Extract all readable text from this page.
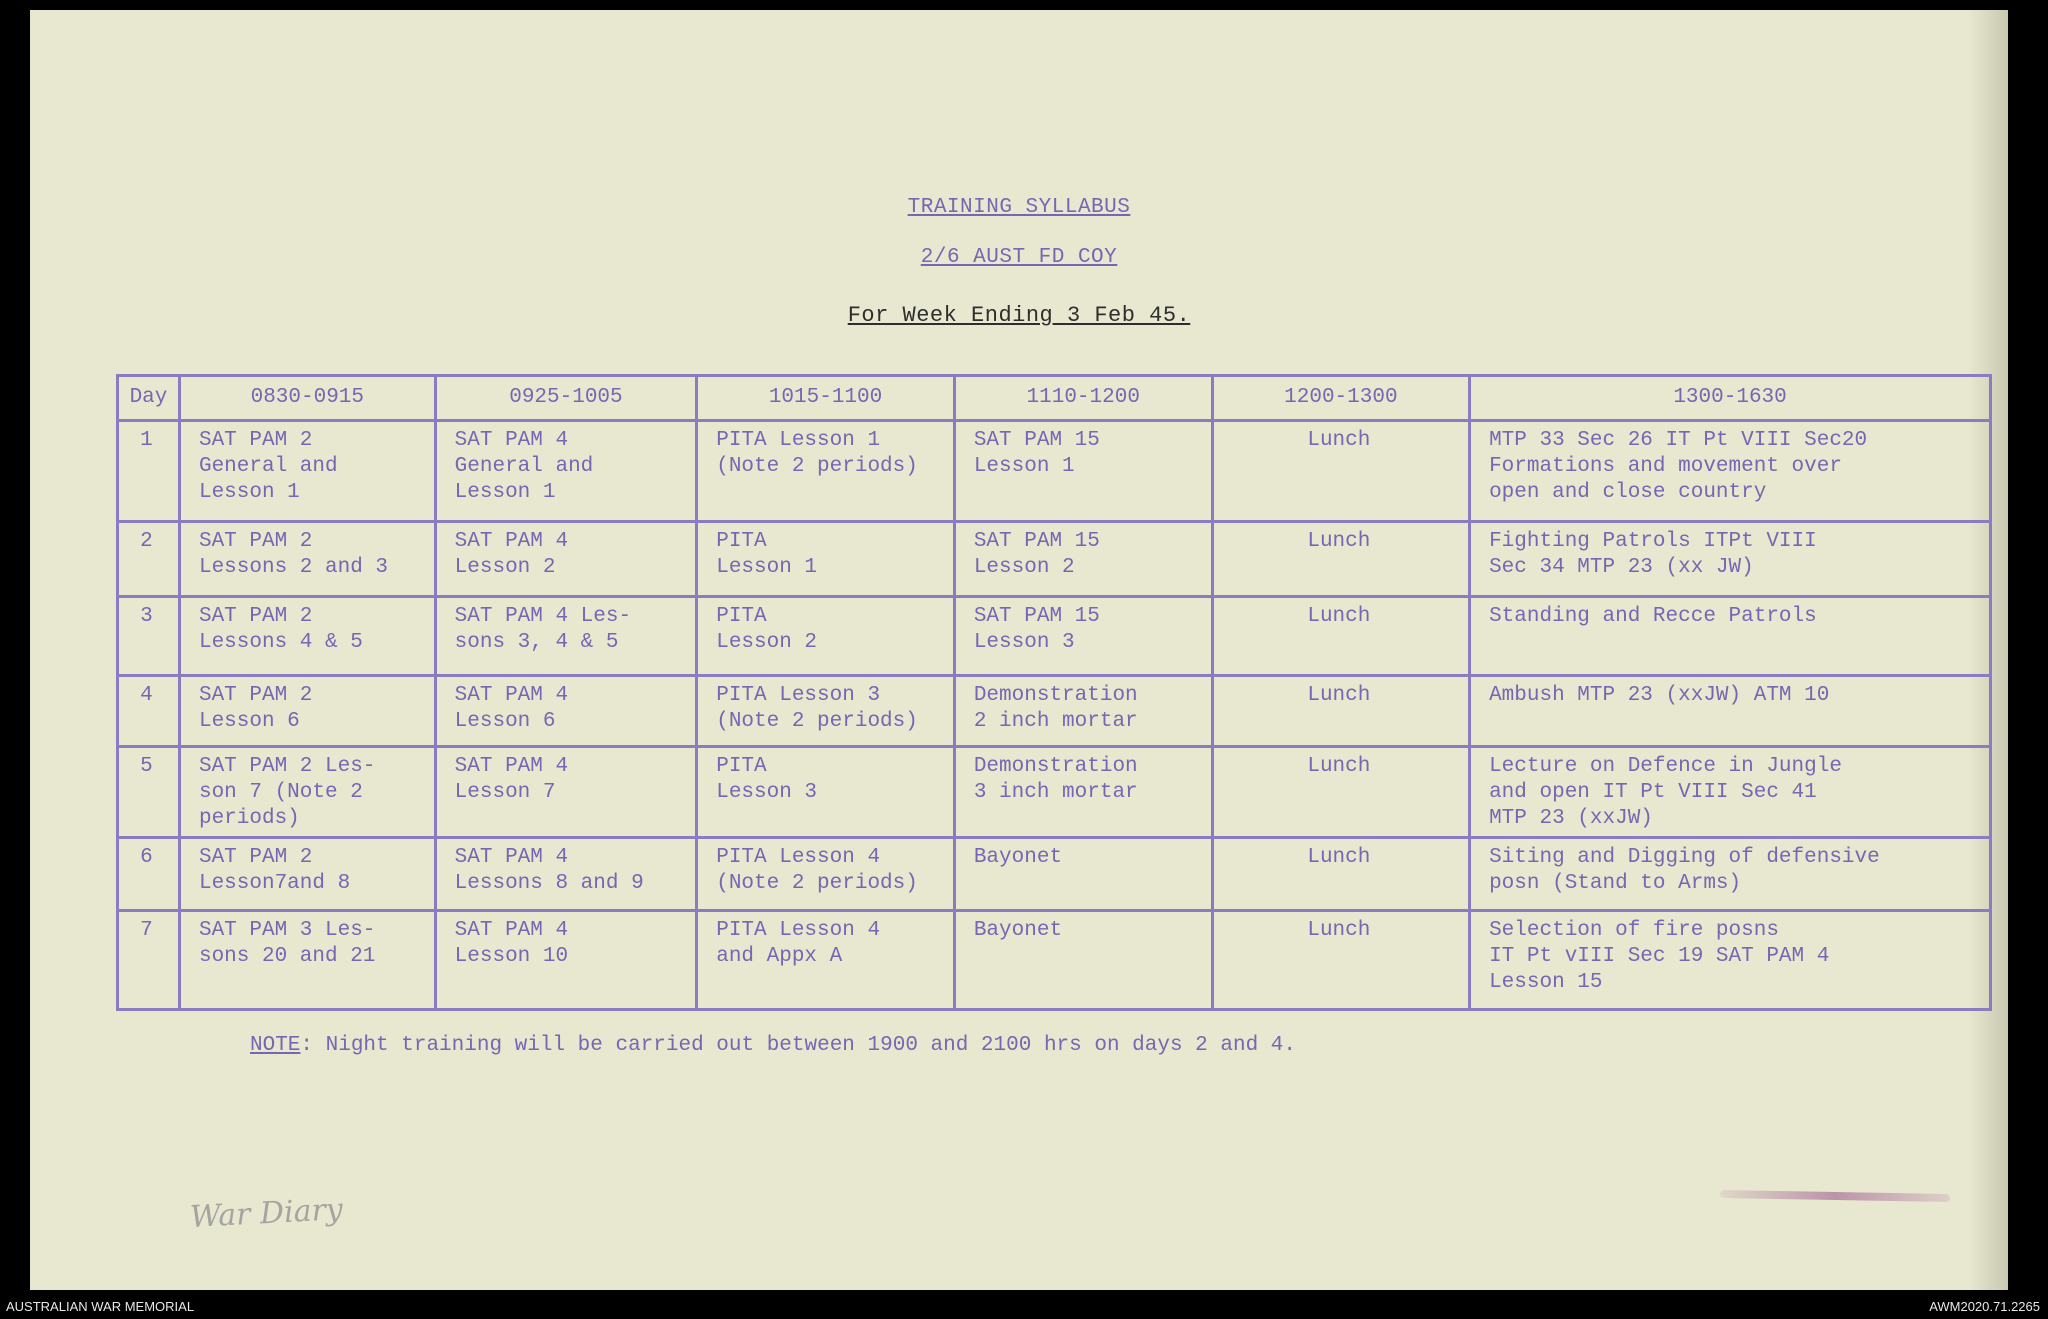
TRAINING SYLLABUS
2/6 AUST FD COY
For Week Ending 3 Feb 45.
Day	0830-0915	0925-1005	1015-1100	1110-1200	1200-1300	1300-1630
1	SAT PAM 2
General and
Lesson 1	SAT PAM 4
General and
Lesson 1	PITA Lesson 1
(Note 2 periods)	SAT PAM 15
Lesson 1	Lunch	MTP 33 Sec 26 IT Pt VIII Sec20
Formations and movement over
open and close country
2	SAT PAM 2
Lessons 2 and 3	SAT PAM 4
Lesson 2	PITA
Lesson 1	SAT PAM 15
Lesson 2	Lunch	Fighting Patrols ITPt VIII
Sec 34 MTP 23 (xx JW)
3	SAT PAM 2
Lessons 4 & 5	SAT PAM 4 Les-
sons 3, 4 & 5	PITA
Lesson 2	SAT PAM 15
Lesson 3	Lunch	Standing and Recce Patrols
4	SAT PAM 2
Lesson 6	SAT PAM 4
Lesson 6	PITA Lesson 3
(Note 2 periods)	Demonstration
2 inch mortar	Lunch	Ambush MTP 23 (xxJW) ATM 10
5	SAT PAM 2 Les-
son 7 (Note 2
periods)	SAT PAM 4
Lesson 7	PITA
Lesson 3	Demonstration
3 inch mortar	Lunch	Lecture on Defence in Jungle
and open IT Pt VIII Sec 41
MTP 23 (xxJW)
6	SAT PAM 2
Lesson7and 8	SAT PAM 4
Lessons 8 and 9	PITA Lesson 4
(Note 2 periods)	Bayonet	Lunch	Siting and Digging of defensive
posn (Stand to Arms)
7	SAT PAM 3 Les-
sons 20 and 21	SAT PAM 4
Lesson 10	PITA Lesson 4
and Appx A	Bayonet	Lunch	Selection of fire posns
IT Pt vIII Sec 19 SAT PAM 4
Lesson 15
NOTE: Night training will be carried out between 1900 and 2100 hrs on days 2 and 4.
War Diary
AUSTRALIAN WAR MEMORIAL	AWM2020.71.2265
